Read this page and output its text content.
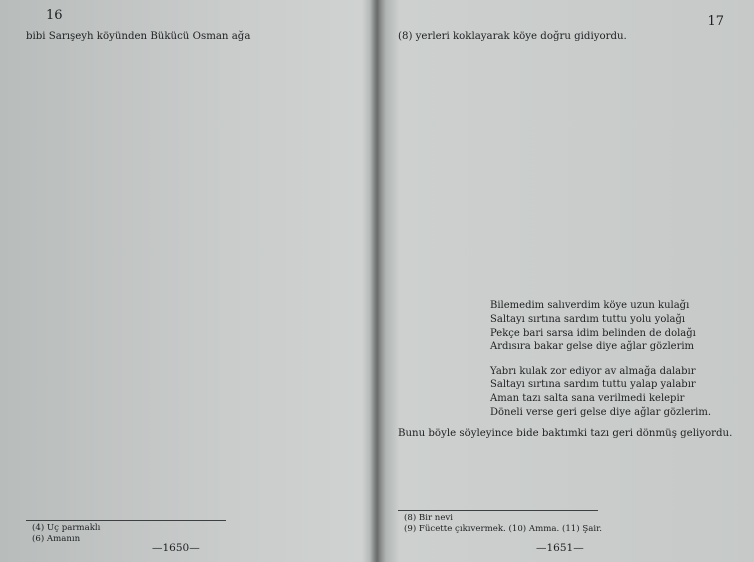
16
bibi Sarışeyh köyünden Bükücü Osman ağa

(4) Üç parmaklı
(6) Amanın
—1650—
17
(8) yerleri koklayarak köye doğru gidiyordu.

Bilemedim salıverdim köye uzun kulağı
Saltayı sırtına sardım tuttu yolu yolağı
Pekçe bari sarsa idim belinden de dolağı
Ardısıra bakar gelse diye ağlar gözlerim
Yabrı kulak zor ediyor av almağa dalabır
Saltayı sırtına sardım tuttu yalap yalabır
Aman tazı salta sana verilmedi kelepir
Döneli verse geri gelse diye ağlar gözlerim.
Bunu böyle söyleyince bide baktımki tazı geri dönmüş geliyordu.

(8) Bir nevi
(9) Fücette çıkıvermek. (10) Amma. (11) Şair.
—1651—
